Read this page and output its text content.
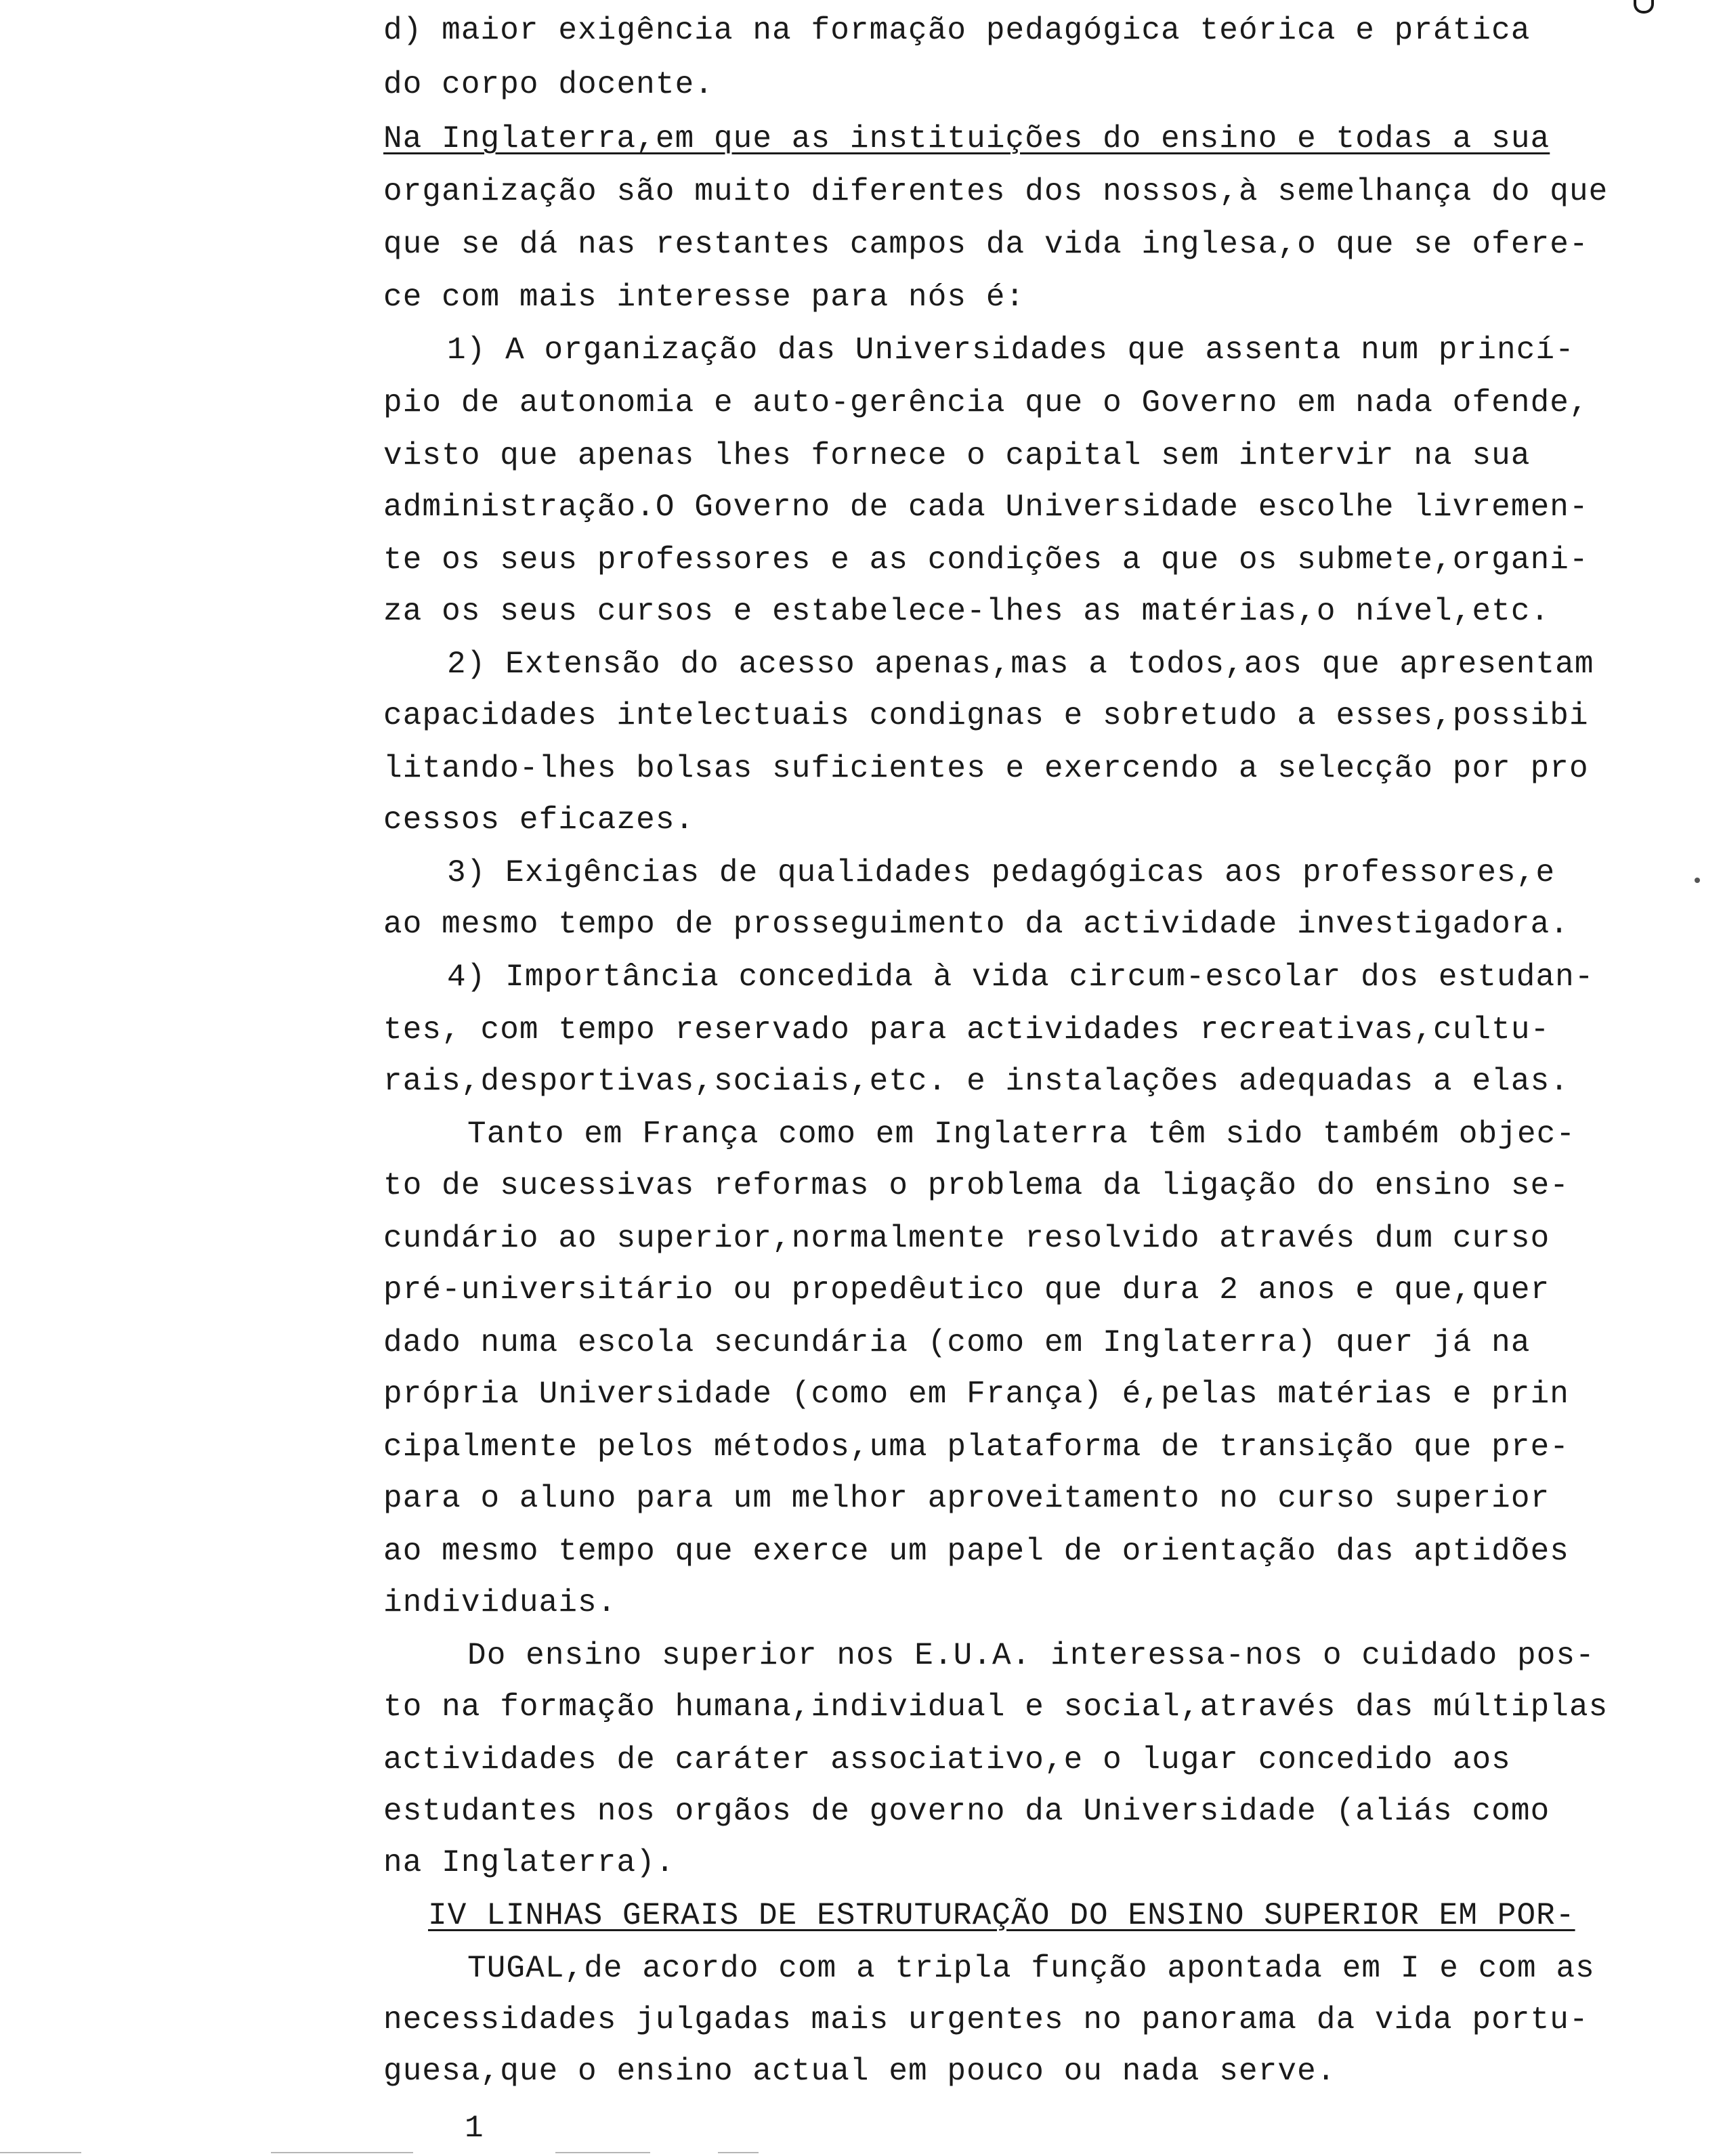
d) maior exigência na formação pedagógica teórica e prática
do corpo docente.
Na Inglaterra,em que as instituições do ensino e todas a sua
organização são muito diferentes dos nossos,à semelhança do que
que se dá nas restantes campos da vida inglesa,o que se ofere-
ce com mais interesse para nós é:
1) A organização das Universidades que assenta num princí-
pio de autonomia e auto-gerência que o Governo em nada ofende,
visto que apenas lhes fornece o capital sem intervir na sua
administração.O Governo de cada Universidade escolhe livremen-
te os seus professores e as condições a que os submete,organi-
za os seus cursos e estabelece-lhes as matérias,o nível,etc.
2) Extensão do acesso apenas,mas a todos,aos que apresentam
capacidades intelectuais condignas e sobretudo a esses,possibi
litando-lhes bolsas suficientes e exercendo a selecção por pro
cessos eficazes.
3) Exigências de qualidades pedagógicas aos professores,e
ao mesmo tempo de prosseguimento da actividade investigadora.
4) Importância concedida à vida circum-escolar dos estudan-
tes, com tempo reservado para actividades recreativas,cultu-
rais,desportivas,sociais,etc. e instalações adequadas a elas.
Tanto em França como em Inglaterra têm sido também objec-
to de sucessivas reformas o problema da ligação do ensino se-
cundário ao superior,normalmente resolvido através dum curso
pré-universitário ou propedêutico que dura 2 anos e que,quer
dado numa escola secundária (como em Inglaterra) quer já na
própria Universidade (como em França) é,pelas matérias e prin
cipalmente pelos métodos,uma plataforma de transição que pre-
para o aluno para um melhor aproveitamento no curso superior
ao mesmo tempo que exerce um papel de orientação das aptidões
individuais.
Do ensino superior nos E.U.A. interessa-nos o cuidado pos-
to na formação humana,individual e social,através das múltiplas
actividades de caráter associativo,e o lugar concedido aos
estudantes nos orgãos de governo da Universidade (aliás como
na Inglaterra).
IV LINHAS GERAIS DE ESTRUTURAÇÃO DO ENSINO SUPERIOR EM POR-
TUGAL,de acordo com a tripla função apontada em I e com as
necessidades julgadas mais urgentes no panorama da vida portu-
guesa,que o ensino actual em pouco ou nada serve.
1
